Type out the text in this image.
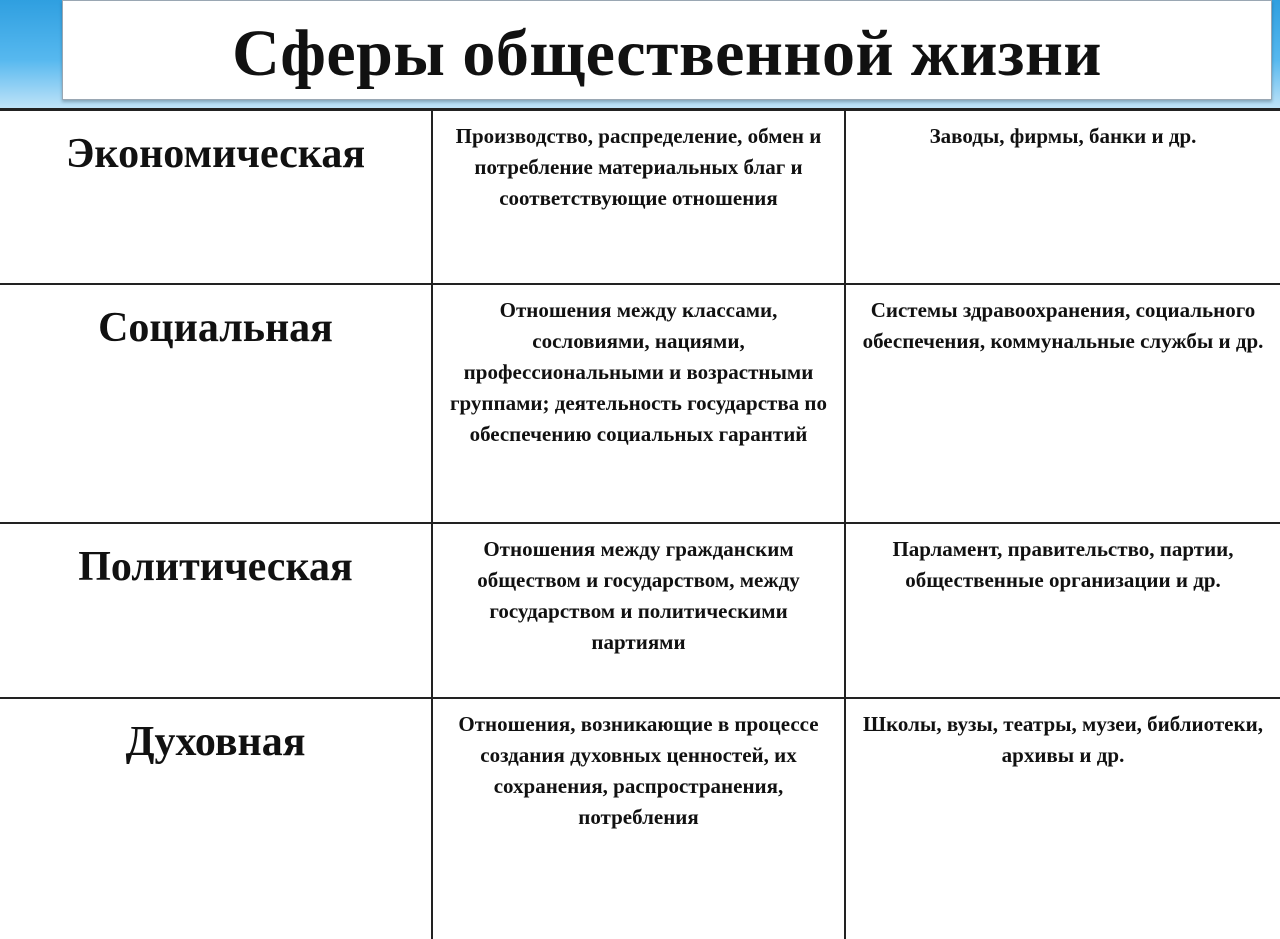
Сферы общественной жизни
Экономическая	Производство, распределение, обмен и потребление материальных благ и соответствующие отношения	Заводы, фирмы, банки и др.

Социальная	Отношения между классами, сословиями, нациями, профессиональными и возрастными группами; деятельность государства по обеспечению социальных гарантий	Системы здравоохранения, социального обеспечения, коммунальные службы и др.

Политическая	Отношения между гражданским обществом и государством, между государством и политическими партиями	Парламент, правительство, партии, общественные организации и др.

Духовная	Отношения, возникающие в процессе создания духовных ценностей, их сохранения, распространения, потребления	Школы, вузы, театры, музеи, библиотеки, архивы и др.
